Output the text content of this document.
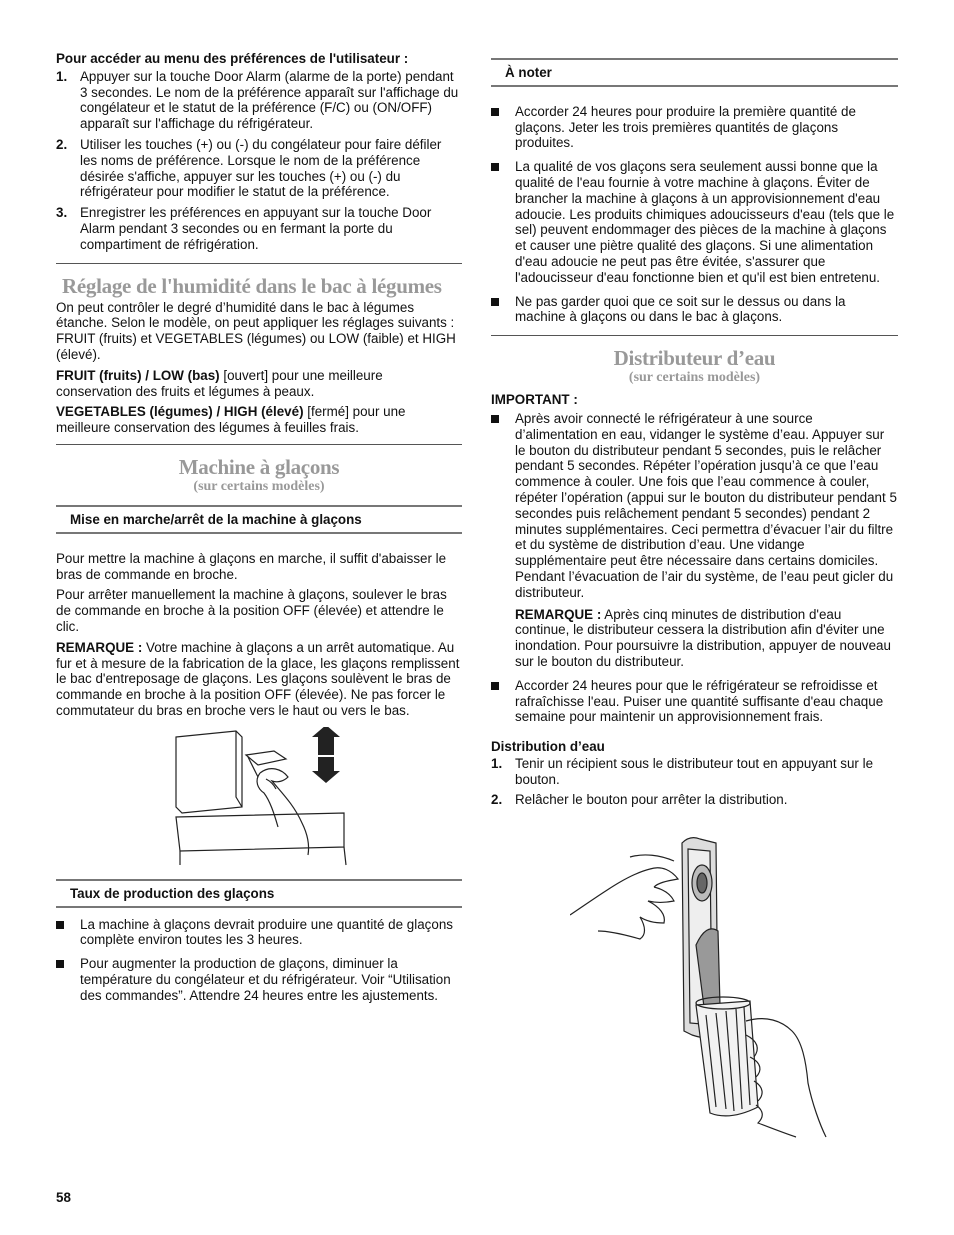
Pour accéder au menu des préférences de l'utilisateur :
1. Appuyer sur la touche Door Alarm (alarme de la porte) pendant 3 secondes. Le nom de la préférence apparaît sur l'affichage du congélateur et le statut de la préférence (F/C) ou (ON/OFF) apparaît sur l'affichage du réfrigérateur.
2. Utiliser les touches (+) ou (-) du congélateur pour faire défiler les noms de préférence. Lorsque le nom de la préférence désirée s'affiche, appuyer sur les touches (+) ou (-) du réfrigérateur pour modifier le statut de la préférence.
3. Enregistrer les préférences en appuyant sur la touche Door Alarm pendant 3 secondes ou en fermant la porte du compartiment de réfrigération.
Réglage de l'humidité dans le bac à légumes

On peut contrôler le degré d’humidité dans le bac à légumes étanche. Selon le modèle, on peut appliquer les réglages suivants : FRUIT (fruits) et VEGETABLES (légumes) ou LOW (faible) et HIGH (élevé).

FRUIT (fruits) / LOW (bas) [ouvert] pour une meilleure conservation des fruits et légumes à peaux.

VEGETABLES (légumes) / HIGH (élevé) [fermé] pour une meilleure conservation des légumes à feuilles frais.

Machine à glaçons
(sur certains modèles)
Mise en marche/arrêt de la machine à glaçons

Pour mettre la machine à glaçons en marche, il suffit d'abaisser le bras de commande en broche.

Pour arrêter manuellement la machine à glaçons, soulever le bras de commande en broche à la position OFF (élevée) et attendre le clic.

REMARQUE : Votre machine à glaçons a un arrêt automatique. Au fur et à mesure de la fabrication de la glace, les glaçons remplissent le bac d'entreposage de glaçons. Les glaçons soulèvent le bras de commande en broche à la position OFF (élevée). Ne pas forcer le commutateur du bras en broche vers le haut ou vers le bas.

Taux de production des glaçons
La machine à glaçons devrait produire une quantité de glaçons complète environ toutes les 3 heures.
Pour augmenter la production de glaçons, diminuer la température du congélateur et du réfrigérateur. Voir “Utilisation des commandes”. Attendre 24 heures entre les ajustements.
À noter
Accorder 24 heures pour produire la première quantité de glaçons. Jeter les trois premières quantités de glaçons produites.
La qualité de vos glaçons sera seulement aussi bonne que la qualité de l'eau fournie à votre machine à glaçons. Éviter de brancher la machine à glaçons à un approvisionnement d'eau adoucie. Les produits chimiques adoucisseurs d'eau (tels que le sel) peuvent endommager des pièces de la machine à glaçons et causer une piètre qualité des glaçons. Si une alimentation d'eau adoucie ne peut pas être évitée, s'assurer que l'adoucisseur d'eau fonctionne bien et qu'il est bien entretenu.
Ne pas garder quoi que ce soit sur le dessus ou dans la machine à glaçons ou dans le bac à glaçons.
Distributeur d’eau
(sur certains modèles)
IMPORTANT :
Après avoir connecté le réfrigérateur à une source d’alimentation en eau, vidanger le système d’eau. Appuyer sur le bouton du distributeur pendant 5 secondes, puis le relâcher pendant 5 secondes. Répéter l’opération jusqu’à ce que l’eau commence à couler. Une fois que l’eau commence à couler, répéter l’opération (appui sur le bouton du distributeur pendant 5 secondes puis relâchement pendant 5 secondes) pendant 2 minutes supplémentaires. Ceci permettra d’évacuer l’air du filtre et du système de distribution d’eau. Une vidange supplémentaire peut être nécessaire dans certains domiciles. Pendant l’évacuation de l’air du système, de l’eau peut gicler du distributeur.

REMARQUE : Après cinq minutes de distribution d'eau continue, le distributeur cessera la distribution afin d'éviter une inondation. Pour poursuivre la distribution, appuyer de nouveau sur le bouton du distributeur.

Accorder 24 heures pour que le réfrigérateur se refroidisse et rafraîchisse l'eau. Puiser une quantité suffisante d'eau chaque semaine pour maintenir un approvisionnement frais.
Distribution d’eau
1. Tenir un récipient sous le distributeur tout en appuyant sur le bouton.
2. Relâcher le bouton pour arrêter la distribution.
58
